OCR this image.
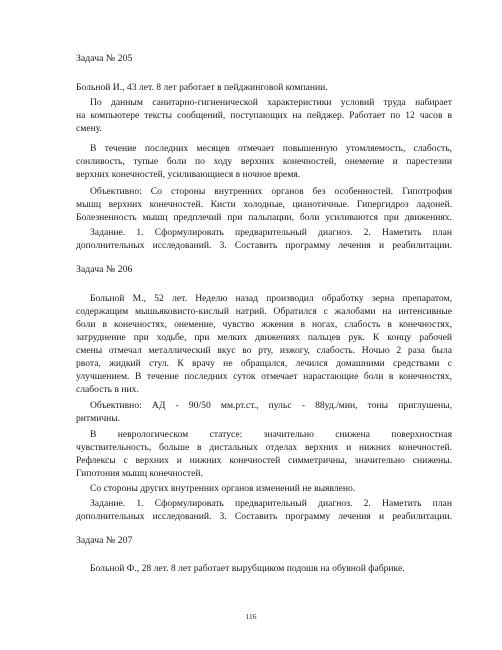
Задача № 205
Больной И., 43 лет. 8 лет работает в пейджинговой компании.
По данным санитарно-гигиенической характеристики условий труда набирает
на компьютере тексты сообщений, поступающих на пейджер. Работает по 12 часов в
смену.
В течение последних месяцев отмечает повышенную утомляемость, слабость,
сонливость, тупые боли по ходу верхних конечностей, онемение и парестезии
верхних конечностей, усиливающиеся в ночное время.
Объективно: Со стороны внутренних органов без особенностей. Гипотрофия
мышц верхних конечностей. Кисти холодные, цианотичные. Гипергидроз ладоней.
Болезненность мышц предплечий при пальпации, боли усиливаются при движениях.
Задание. 1. Сформулировать предварительный диагноз. 2. Наметить план
дополнительных исследований. 3. Составить программу лечения и реабилитации.
Задача № 206
Больной М., 52 лет. Неделю назад производил обработку зерна препаратом,
содержащим мышьяковисто-кислый натрий. Обратился с жалобами на интенсивные
боли в конечностях, онемение, чувство жжения в ногах, слабость в конечностях,
затруднение при ходьбе, при мелких движениях пальцев рук. К концу рабочей
смены отмечал металлический вкус во рту, изжогу, слабость. Ночью 2 раза была
рвота, жидкий стул. К врачу не обращался, лечился домашними средствами с
улучшением. В течение последних суток отмечает нарастающие боли в конечностях,
слабость в них.
Объективно: АД - 90/50 мм.рт.ст., пульс - 88уд./мин, тоны приглушены,
ритмичны.
В неврологическом статусе: значительно снижена поверхностная
чувствительность, больше в дистальных отделах верхних и нижних конечностей.
Рефлексы с верхних и нижних конечностей симметричны, значительно снижены.
Гипотония мышц конечностей.
Со стороны других внутренних органов изменений не выявлено.
Задание. 1. Сформулировать предварительный диагноз. 2. Наметить план
дополнительных исследований. 3. Составить программу лечения и реабилитации.
Задача № 207
Больной Ф., 28 лет. 8 лет работает вырубщиком подошв на обувной фабрике.
116
